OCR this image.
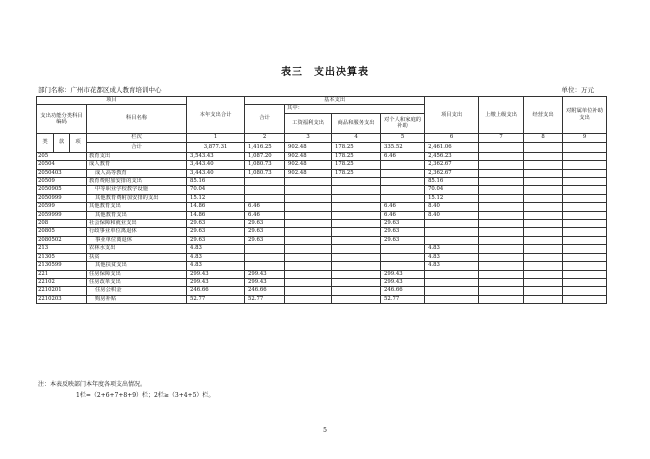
表三　支出决算表
部门名称：广州市花都区成人教育培训中心	单位：万元
项目				本年支出合计	基本支出				项目支出	上缴上级支出	经营支出	对附属单位补助支出
支出功能分类科目编码			科目名称		合计	其中：						
						工资福利支出	商品和服务支出	对个人和家庭的补助				
类	款	项	栏次	1	2	3	4	5	6	7	8	9
			合计	3,877.31	1,416.25	902.48	178.25	335.52	2,461.06			
205			教育支出	3,543.43	1,087.20	902.48	178.25	6.46	2,456.23			
20504			成人教育	3,443.40	1,080.73	902.48	178.25		2,362.67			
2050403			成人高等教育	3,443.40	1,080.73	902.48	178.25		2,362.67			
20509			教育费附加安排的支出	85.16					85.16			
2050905			中等职业学校教学设施	70.04					70.04			
2050999			其他教育费附加安排的支出	15.12					15.12			
20599			其他教育支出	14.86	6.46			6.46	8.40			
2059999			其他教育支出	14.86	6.46			6.46	8.40			
208			社会保障和就业支出	29.63	29.63			29.63				
20805			行政事业单位离退休	29.63	29.63			29.63				
2080502			事业单位离退休	29.63	29.63			29.63				
213			农林水支出	4.83					4.83			
21305			扶贫	4.83					4.83			
2130599			其他扶贫支出	4.83					4.83			
221			住房保障支出	299.43	299.43			299.43				
22102			住房改革支出	299.43	299.43			299.43				
2210201			住房公积金	246.66	246.66			246.66				
2210203			购房补贴	52.77	52.77			52.77				
注：本表反映部门本年度各项支出情况。
1栏=（2+6+7+8+9）栏；2栏≥（3+4+5）栏。
5
